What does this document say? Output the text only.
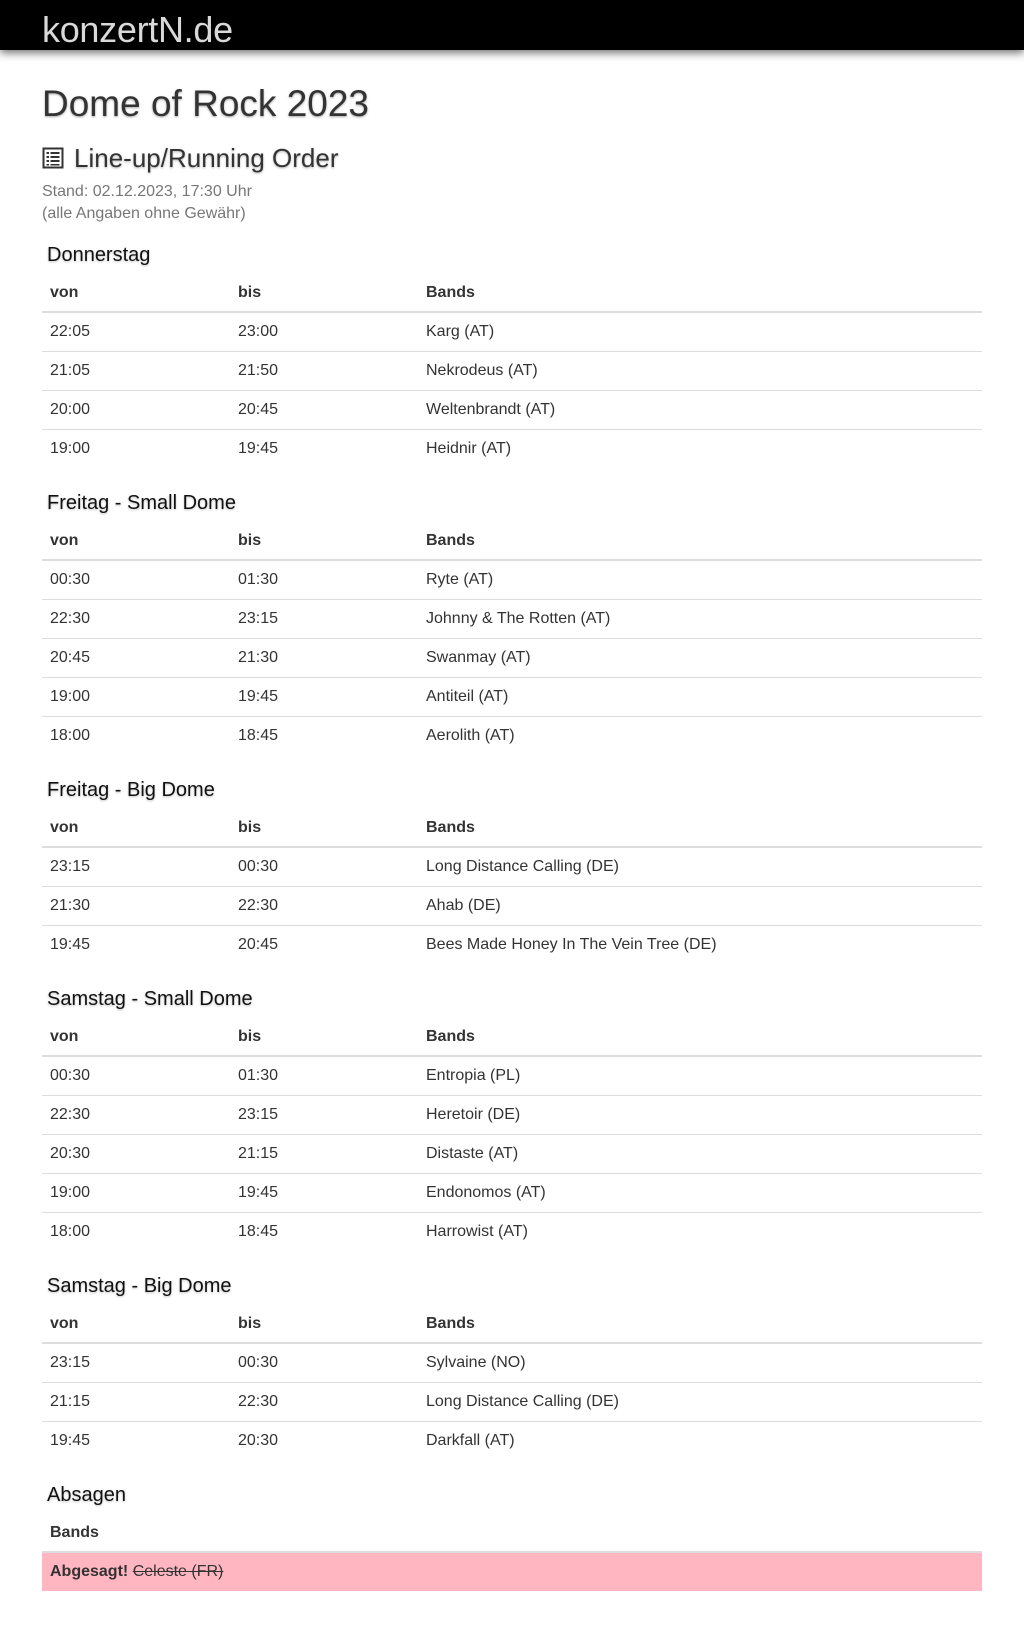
konzertN.de
Dome of Rock 2023
Line-up/Running Order
Stand: 02.12.2023, 17:30 Uhr
(alle Angaben ohne Gewähr)
Donnerstag
von	bis	Bands
22:05	23:00	Karg (AT)
21:05	21:50	Nekrodeus (AT)
20:00	20:45	Weltenbrandt (AT)
19:00	19:45	Heidnir (AT)
Freitag - Small Dome
von	bis	Bands
00:30	01:30	Ryte (AT)
22:30	23:15	Johnny & The Rotten (AT)
20:45	21:30	Swanmay (AT)
19:00	19:45	Antiteil (AT)
18:00	18:45	Aerolith (AT)
Freitag - Big Dome
von	bis	Bands
23:15	00:30	Long Distance Calling (DE)
21:30	22:30	Ahab (DE)
19:45	20:45	Bees Made Honey In The Vein Tree (DE)
Samstag - Small Dome
von	bis	Bands
00:30	01:30	Entropia (PL)
22:30	23:15	Heretoir (DE)
20:30	21:15	Distaste (AT)
19:00	19:45	Endonomos (AT)
18:00	18:45	Harrowist (AT)
Samstag - Big Dome
von	bis	Bands
23:15	00:30	Sylvaine (NO)
21:15	22:30	Long Distance Calling (DE)
19:45	20:30	Darkfall (AT)
Absagen
Bands
Abgesagt! Celeste (FR)
